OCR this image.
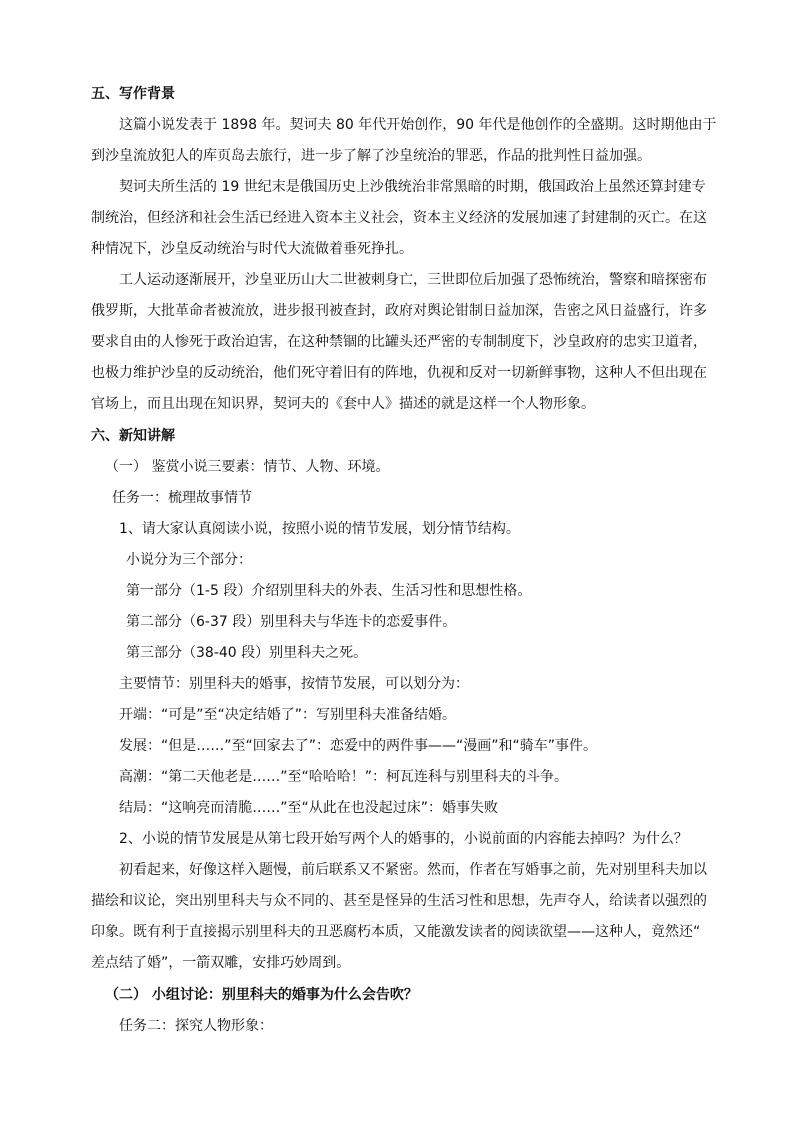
五、写作背景
这篇小说发表于 1898 年。契诃夫 80 年代开始创作，90 年代是他创作的全盛期。这时期他由于
到沙皇流放犯人的库页岛去旅行，进一步了解了沙皇统治的罪恶，作品的批判性日益加强。
契诃夫所生活的 19 世纪末是俄国历史上沙俄统治非常黑暗的时期，俄国政治上虽然还算封建专
制统治，但经济和社会生活已经进入资本主义社会，资本主义经济的发展加速了封建制的灭亡。在这
种情况下，沙皇反动统治与时代大流做着垂死挣扎。
工人运动逐渐展开，沙皇亚历山大二世被刺身亡，三世即位后加强了恐怖统治，警察和暗探密布
俄罗斯，大批革命者被流放，进步报刊被查封，政府对舆论钳制日益加深，告密之风日益盛行，许多
要求自由的人惨死于政治迫害，在这种禁锢的比罐头还严密的专制制度下，沙皇政府的忠实卫道者，
也极力维护沙皇的反动统治，他们死守着旧有的阵地，仇视和反对一切新鲜事物，这种人不但出现在
官场上，而且出现在知识界，契诃夫的《套中人》描述的就是这样一个人物形象。
六、新知讲解
（一） 鉴赏小说三要素：情节、人物、环境。
任务一：梳理故事情节
1、请大家认真阅读小说，按照小说的情节发展，划分情节结构。
小说分为三个部分：
第一部分（1-5 段）介绍别里科夫的外表、生活习性和思想性格。
第二部分（6-37 段）别里科夫与华连卡的恋爱事件。
第三部分（38-40 段）别里科夫之死。
主要情节：别里科夫的婚事，按情节发展，可以划分为：
开端：“可是”至“决定结婚了”：写别里科夫准备结婚。
发展：“但是……”至“回家去了”：恋爱中的两件事——“漫画”和“骑车”事件。
高潮：“第二天他老是……”至“哈哈哈！”：柯瓦连科与别里科夫的斗争。
结局：“这响亮而清脆……”至“从此在也没起过床”：婚事失败
2、小说的情节发展是从第七段开始写两个人的婚事的，小说前面的内容能去掉吗？为什么？
初看起来，好像这样入题慢，前后联系又不紧密。然而，作者在写婚事之前，先对别里科夫加以
描绘和议论，突出别里科夫与众不同的、甚至是怪异的生活习性和思想，先声夺人，给读者以强烈的
印象。既有利于直接揭示别里科夫的丑恶腐朽本质，又能激发读者的阅读欲望——这种人，竟然还“
差点结了婚”，一箭双雕，安排巧妙周到。
（二） 小组讨论：别里科夫的婚事为什么会告吹？
任务二：探究人物形象：
